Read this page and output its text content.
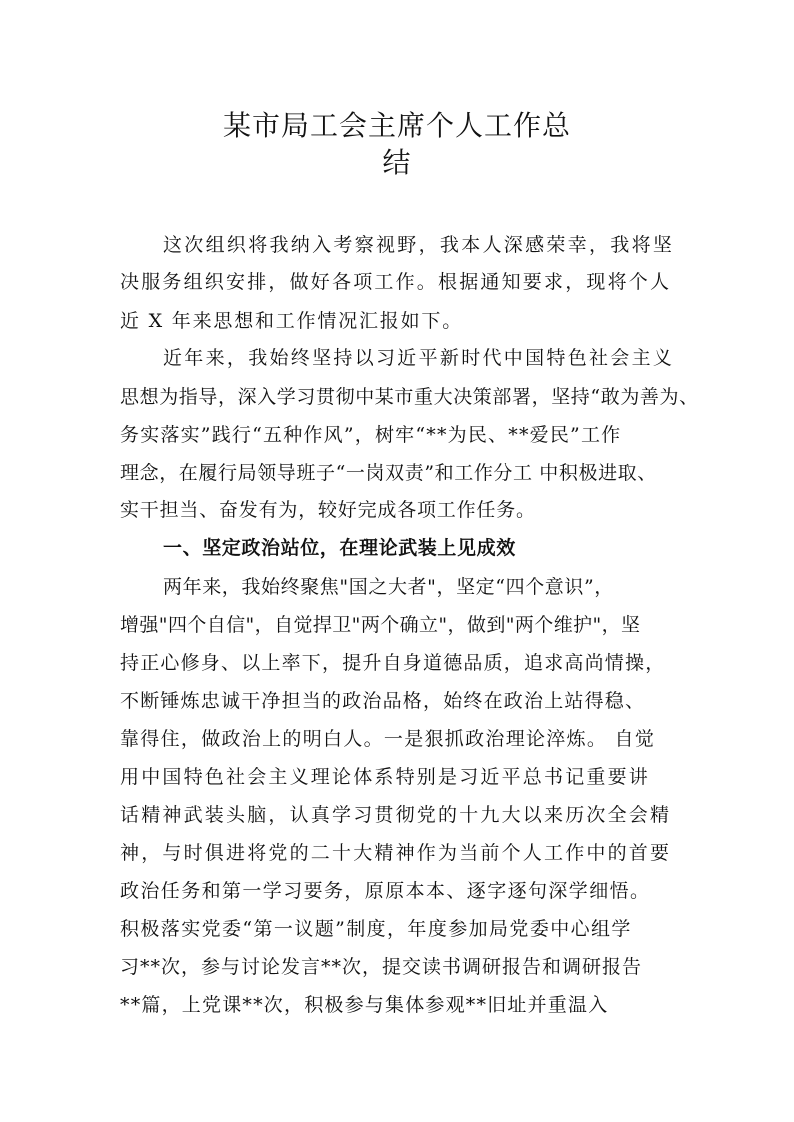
某市局工会主席个人工作总
结
这次组织将我纳入考察视野，我本人深感荣幸，我将坚
决服务组织安排，做好各项工作。根据通知要求，现将个人
近 X 年来思想和工作情况汇报如下。
近年来，我始终坚持以习近平新时代中国特色社会主义
思想为指导，深入学习贯彻中某市重大决策部署，坚持“敢为善为、
务实落实”践行“五种作风”，树牢“**为民、**爱民”工作
理念，在履行局领导班子“一岗双责”和工作分工 中积极进取、
实干担当、奋发有为，较好完成各项工作任务。
一、坚定政治站位，在理论武装上见成效
两年来，我始终聚焦"国之大者"，坚定“四个意识”，
增强"四个自信"，自觉捍卫"两个确立"，做到"两个维护"，坚
持正心修身、以上率下，提升自身道德品质，追求高尚情操，
不断锤炼忠诚干净担当的政治品格，始终在政治上站得稳、
靠得住，做政治上的明白人。一是狠抓政治理论淬炼。 自觉
用中国特色社会主义理论体系特别是习近平总书记重要讲
话精神武装头脑，认真学习贯彻党的十九大以来历次全会精
神，与时俱进将党的二十大精神作为当前个人工作中的首要
政治任务和第一学习要务，原原本本、逐字逐句深学细悟。
积极落实党委“第一议题”制度，年度参加局党委中心组学
习**次，参与讨论发言**次，提交读书调研报告和调研报告
**篇，上党课**次，积极参与集体参观**旧址并重温入
